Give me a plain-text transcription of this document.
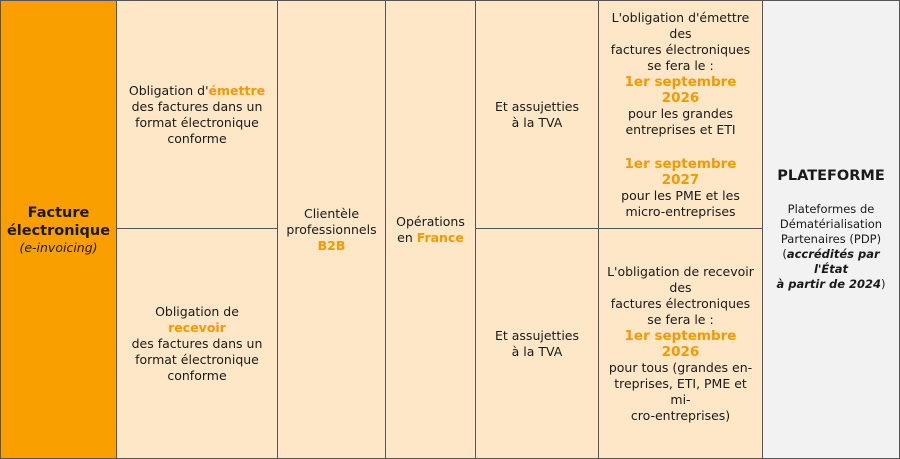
Facture

électronique

(e-invoicing)

Obligation d'émettre

des factures dans un

format électronique

conforme

Obligation de recevoir

des factures dans un

format électronique

conforme

Clientèle

professionnels

B2B

Opérations

en France

Et assujetties

à la TVA

Et assujetties

à la TVA

L'obligation d'émettre des

factures électroniques

se fera le :

1er septembre 2026

pour les grandes

entreprises et ETI

1er septembre 2027

pour les PME et les

micro-entreprises

L'obligation de recevoir des

factures électroniques

se fera le :

1er septembre 2026

pour tous (grandes en-

treprises, ETI, PME et mi-

cro-entreprises)

PLATEFORME

Plateformes de

Dématérialisation

Partenaires (PDP)

(accrédités par l'État

à partir de 2024)
